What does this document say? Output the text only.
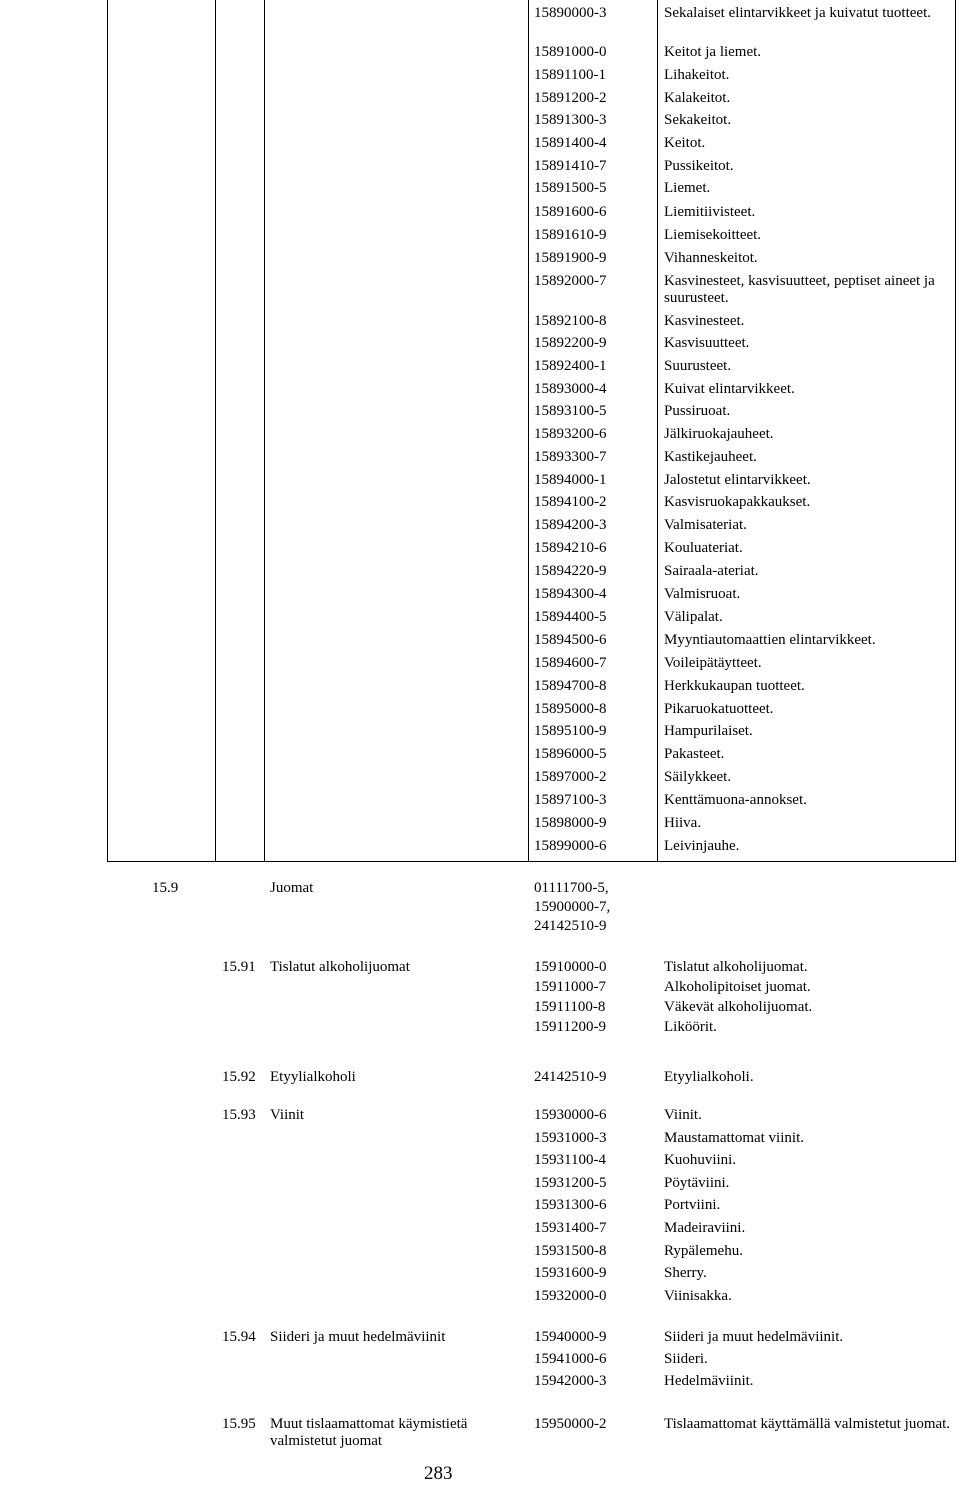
15890000-3	Sekalaiset elintarvikkeet ja kuivatut tuotteet.
15891000-0	Keitot ja liemet.
15891100-1	Lihakeitot.
15891200-2	Kalakeitot.
15891300-3	Sekakeitot.
15891400-4	Keitot.
15891410-7	Pussikeitot.
15891500-5	Liemet.
15891600-6	Liemitiivisteet.
15891610-9	Liemisekoitteet.
15891900-9	Vihanneskeitot.
15892000-7	Kasvinesteet, kasvisuutteet, peptiset aineet ja suurusteet.
15892100-8	Kasvinesteet.
15892200-9	Kasvisuutteet.
15892400-1	Suurusteet.
15893000-4	Kuivat elintarvikkeet.
15893100-5	Pussiruoat.
15893200-6	Jälkiruokajauheet.
15893300-7	Kastikejauheet.
15894000-1	Jalostetut elintarvikkeet.
15894100-2	Kasvisruokapakkaukset.
15894200-3	Valmisateriat.
15894210-6	Kouluateriat.
15894220-9	Sairaala-ateriat.
15894300-4	Valmisruoat.
15894400-5	Välipalat.
15894500-6	Myyntiautomaattien elintarvikkeet.
15894600-7	Voileipätäytteet.
15894700-8	Herkkukaupan tuotteet.
15895000-8	Pikaruokatuotteet.
15895100-9	Hampurilaiset.
15896000-5	Pakasteet.
15897000-2	Säilykkeet.
15897100-3	Kenttämuona-annokset.
15898000-9	Hiiva.
15899000-6	Leivinjauhe.
15.9	Juomat	01111700-5,
15900000-7,
24142510-9
15.91 Tislatut alkoholijuomat	15910000-0	Tislatut alkoholijuomat.
15911000-7	Alkoholipitoiset juomat.
15911100-8	Väkevät alkoholijuomat.
15911200-9	Liköörit.
15.92 Etyylialkoholi	24142510-9	Etyylialkoholi.
15.93 Viinit	15930000-6	Viinit.
15931000-3	Maustamattomat viinit.
15931100-4	Kuohuviini.
15931200-5	Pöytäviini.
15931300-6	Portviini.
15931400-7	Madeiraviini.
15931500-8	Rypälemehu.
15931600-9	Sherry.
15932000-0	Viinisakka.
15.94 Siideri ja muut hedelmäviinit	15940000-9	Siideri ja muut hedelmäviinit.
15941000-6	Siideri.
15942000-3	Hedelmäviinit.
15.95 Muut tislaamattomat käymistietä
valmistetut juomat
15950000-2	Tislaamattomat käyttämällä valmistetut juomat.
283
